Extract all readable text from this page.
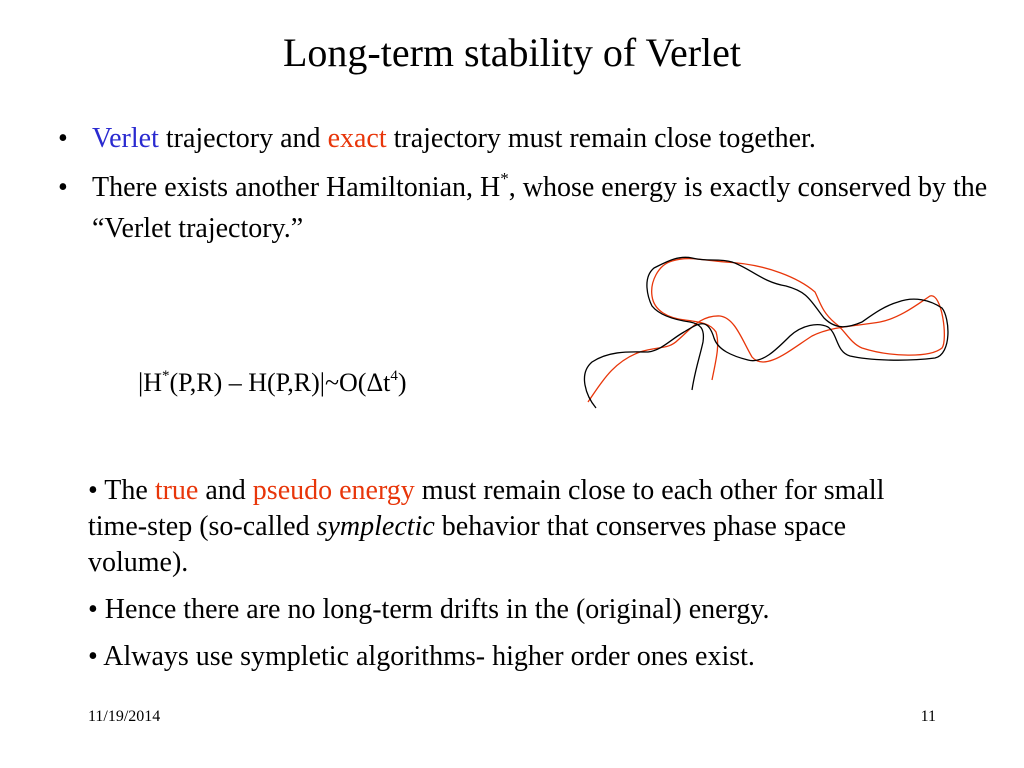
Long-term stability of Verlet
• Verlet trajectory and exact trajectory must remain close together.
• There exists another Hamiltonian, H*, whose energy is exactly conserved by the “Verlet trajectory.”
$|H^*(P,R) - H(P,R)|\sim O(\Delta t^4)$

• The true and pseudo energy must remain close to each other for small time-step (so-called symplectic behavior that conserves phase space volume).

• Hence there are no long-term drifts in the (original) energy.

• Always use sympletic algorithms- higher order ones exist.

11/19/2014	11
